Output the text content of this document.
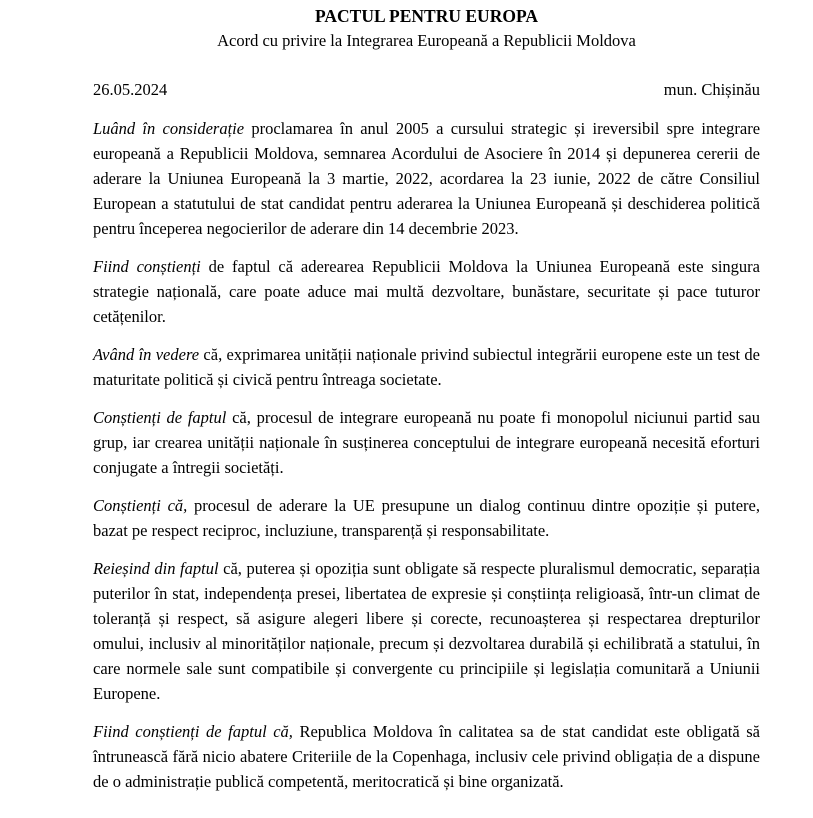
PACTUL PENTRU EUROPA
Acord cu privire la Integrarea Europeană a Republicii Moldova
26.05.2024	mun. Chișinău

Luând în considerație proclamarea în anul 2005 a cursului strategic și ireversibil spre integrare europeană a Republicii Moldova, semnarea Acordului de Asociere în 2014 și depunerea cererii de aderare la Uniunea Europeană la 3 martie, 2022, acordarea la 23 iunie, 2022 de către Consiliul European a statutului de stat candidat pentru aderarea la Uniunea Europeană și deschiderea politică pentru începerea negocierilor de aderare din 14 decembrie 2023.

Fiind conștienți de faptul că aderearea Republicii Moldova la Uniunea Europeană este singura strategie națională, care poate aduce mai multă dezvoltare, bunăstare, securitate și pace tuturor cetățenilor.

Având în vedere că, exprimarea unității naționale privind subiectul integrării europene este un test de maturitate politică și civică pentru întreaga societate.

Conștienți de faptul că, procesul de integrare europeană nu poate fi monopolul niciunui partid sau grup, iar crearea unității naționale în susținerea conceptului de integrare europeană necesită eforturi conjugate a întregii societăți.

Conștienți că, procesul de aderare la UE presupune un dialog continuu dintre opoziție și putere, bazat pe respect reciproc, incluziune, transparență și responsabilitate.

Reieșind din faptul că, puterea și opoziția sunt obligate să respecte pluralismul democratic, separația puterilor în stat, independența presei, libertatea de expresie și conștiința religioasă, într-un climat de toleranță și respect, să asigure alegeri libere și corecte, recunoașterea și respectarea drepturilor omului, inclusiv al minorităților naționale, precum și dezvoltarea durabilă și echilibrată a statului, în care normele sale sunt compatibile și convergente cu principiile și legislația comunitară a Uniunii Europene.

Fiind conștienți de faptul că, Republica Moldova în calitatea sa de stat candidat este obligată să întrunească fără nicio abatere Criteriile de la Copenhaga, inclusiv cele privind obligația de a dispune de o administrație publică competentă, meritocratică și bine organizată.
